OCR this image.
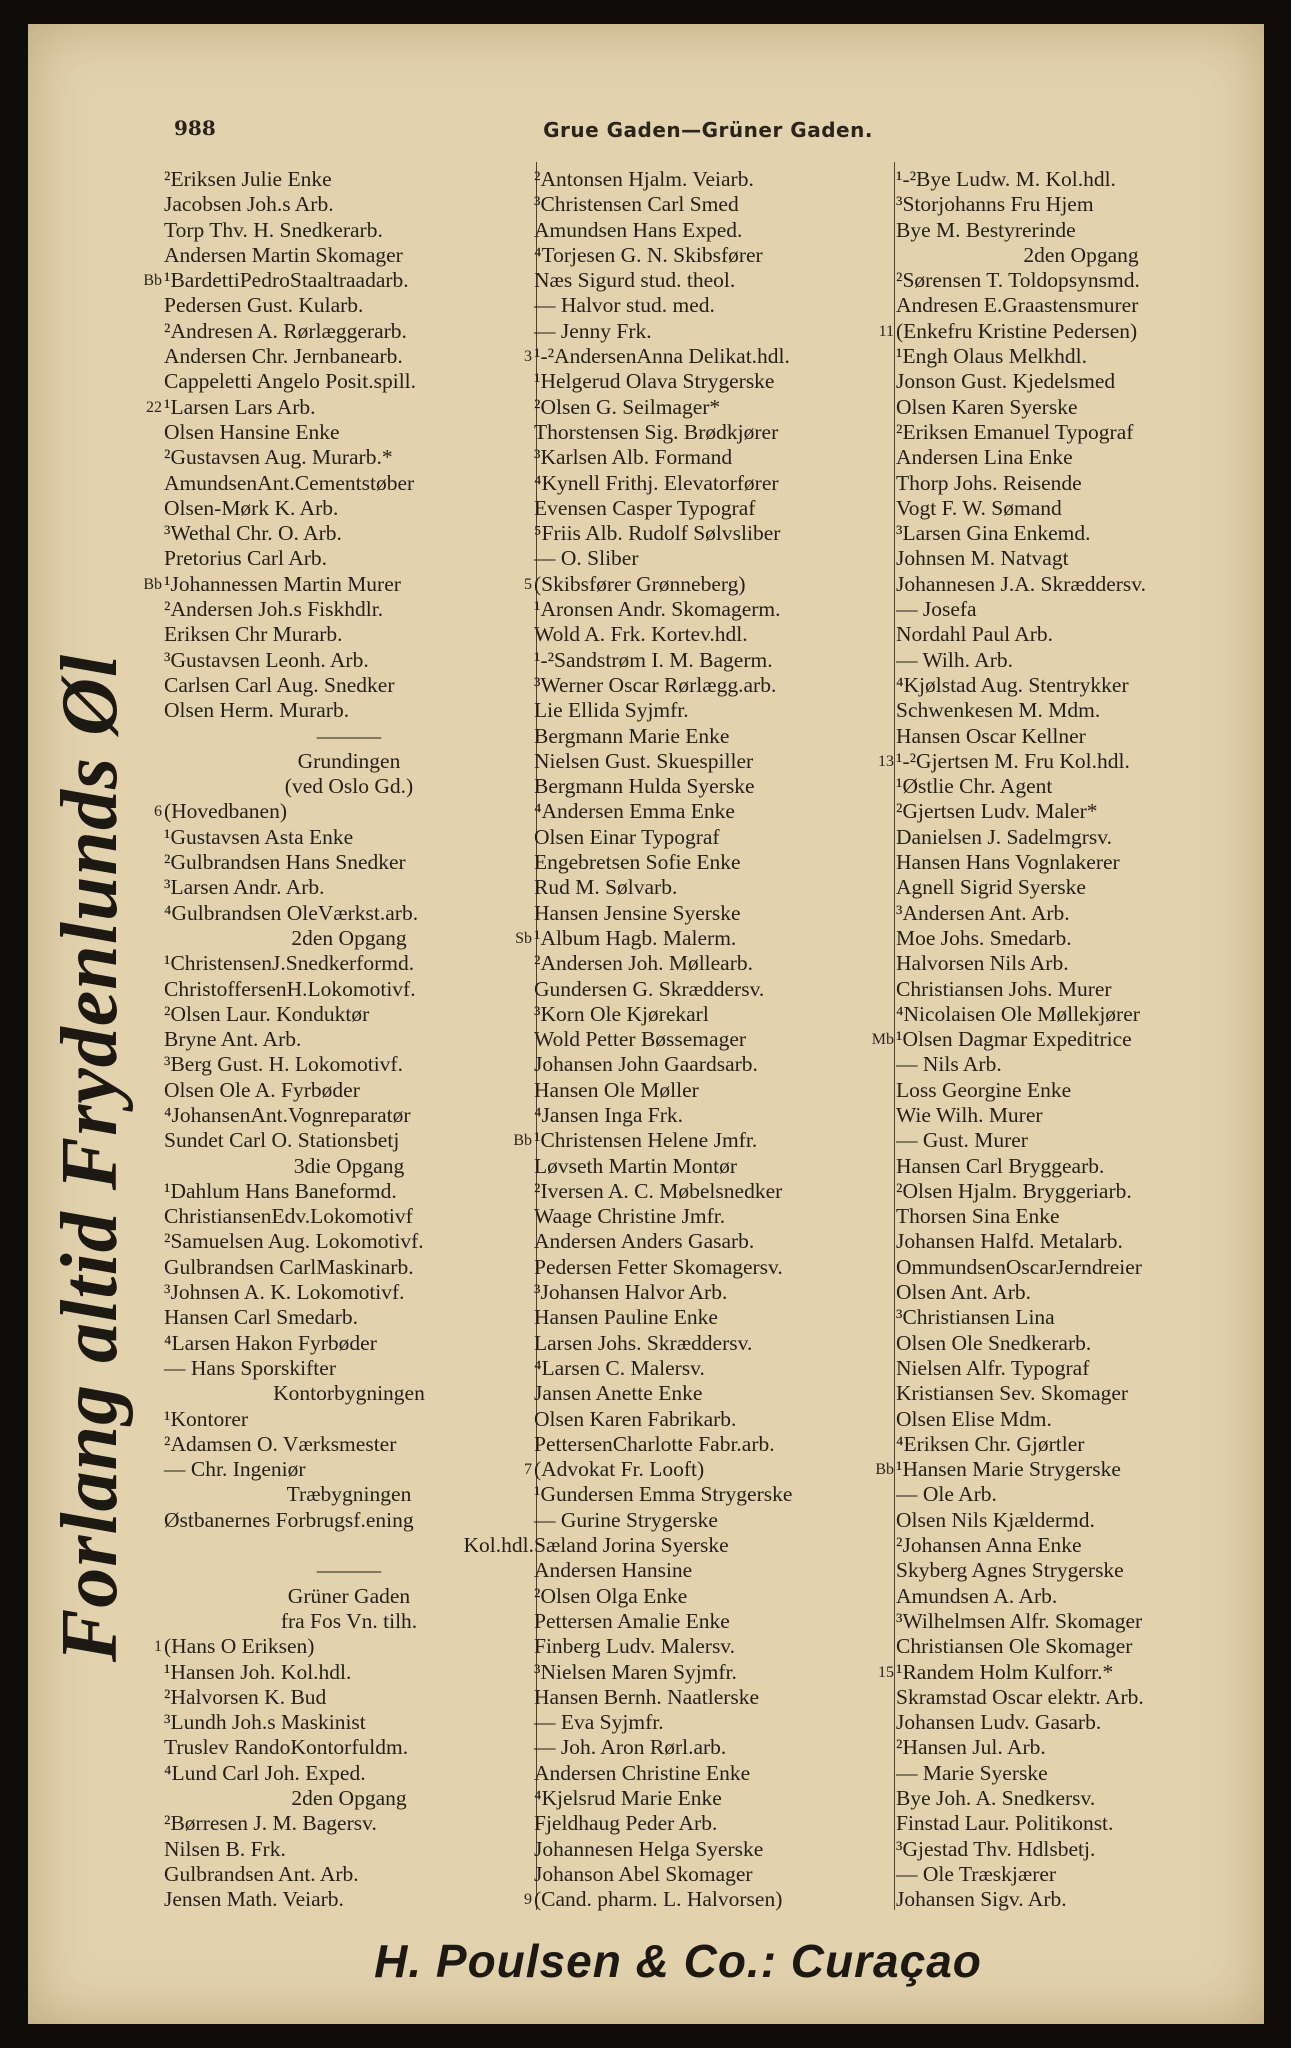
988	Grue Gaden—Grüner Gaden.
²Eriksen Julie Enke
Jacobsen Joh.s Arb.
Torp Thv. H. Snedkerarb.
Andersen Martin Skomager
Bb ¹BardettiPedroStaaltraadarb.
Pedersen Gust. Kularb.
²Andresen A. Rørlæggerarb.
Andersen Chr. Jernbanearb.
Cappeletti Angelo Posit.spill.
22 ¹Larsen Lars Arb.
Olsen Hansine Enke
²Gustavsen Aug. Murarb.*
AmundsenAnt.Cementstøber
Olsen-Mørk K. Arb.
³Wethal Chr. O. Arb.
Pretorius Carl Arb.
Bb ¹Johannessen Martin Murer
²Andersen Joh.s Fiskhdlr.
Eriksen Chr Murarb.
³Gustavsen Leonh. Arb.
Carlsen Carl Aug. Snedker
Olsen Herm. Murarb.
———
Grundingen
(ved Oslo Gd.)
6 (Hovedbanen)
¹Gustavsen Asta Enke
²Gulbrandsen Hans Snedker
³Larsen Andr. Arb.
⁴Gulbrandsen OleVærkst.arb.
2den Opgang
¹ChristensenJ.Snedkerformd.
ChristoffersenH.Lokomotivf.
²Olsen Laur. Konduktør
Bryne Ant. Arb.
³Berg Gust. H. Lokomotivf.
Olsen Ole A. Fyrbøder
⁴JohansenAnt.Vognreparatør
Sundet Carl O. Stationsbetj
3die Opgang
¹Dahlum Hans Baneformd.
ChristiansenEdv.Lokomotivf
²Samuelsen Aug. Lokomotivf.
Gulbrandsen CarlMaskinarb.
³Johnsen A. K. Lokomotivf.
Hansen Carl Smedarb.
⁴Larsen Hakon Fyrbøder
— Hans Sporskifter
Kontorbygningen
¹Kontorer
²Adamsen O. Værksmester
— Chr. Ingeniør
Træbygningen
Østbanernes Forbrugsf.ening
Kol.hdl.
———
Grüner Gaden
fra Fos Vn. tilh.
1 (Hans O Eriksen)
¹Hansen Joh. Kol.hdl.
²Halvorsen K. Bud
³Lundh Joh.s Maskinist
Truslev RandoKontorfuldm.
⁴Lund Carl Joh. Exped.
2den Opgang
²Børresen J. M. Bagersv.
Nilsen B. Frk.
Gulbrandsen Ant. Arb.
Jensen Math. Veiarb.
²Antonsen Hjalm. Veiarb.
³Christensen Carl Smed
Amundsen Hans Exped.
⁴Torjesen G. N. Skibsfører
Næs Sigurd stud. theol.
— Halvor stud. med.
— Jenny Frk.
3 ¹-²AndersenAnna Delikat.hdl.
¹Helgerud Olava Strygerske
²Olsen G. Seilmager*
Thorstensen Sig. Brødkjører
³Karlsen Alb. Formand
⁴Kynell Frithj. Elevatorfører
Evensen Casper Typograf
⁵Friis Alb. Rudolf Sølvsliber
— O. Sliber
5 (Skibsfører Grønneberg)
¹Aronsen Andr. Skomagerm.
Wold A. Frk. Kortev.hdl.
¹-²Sandstrøm I. M. Bagerm.
³Werner Oscar Rørlægg.arb.
Lie Ellida Syjmfr.
Bergmann Marie Enke
Nielsen Gust. Skuespiller
Bergmann Hulda Syerske
⁴Andersen Emma Enke
Olsen Einar Typograf
Engebretsen Sofie Enke
Rud M. Sølvarb.
Hansen Jensine Syerske
Sb ¹Album Hagb. Malerm.
²Andersen Joh. Møllearb.
Gundersen G. Skræddersv.
³Korn Ole Kjørekarl
Wold Petter Bøssemager
Johansen John Gaardsarb.
Hansen Ole Møller
⁴Jansen Inga Frk.
Bb ¹Christensen Helene Jmfr.
Løvseth Martin Montør
²Iversen A. C. Møbelsnedker
Waage Christine Jmfr.
Andersen Anders Gasarb.
Pedersen Fetter Skomagersv.
³Johansen Halvor Arb.
Hansen Pauline Enke
Larsen Johs. Skræddersv.
⁴Larsen C. Malersv.
Jansen Anette Enke
Olsen Karen Fabrikarb.
PettersenCharlotte Fabr.arb.
7 (Advokat Fr. Looft)
¹Gundersen Emma Strygerske
— Gurine Strygerske
Sæland Jorina Syerske
Andersen Hansine
²Olsen Olga Enke
Pettersen Amalie Enke
Finberg Ludv. Malersv.
³Nielsen Maren Syjmfr.
Hansen Bernh. Naatlerske
— Eva Syjmfr.
— Joh. Aron Rørl.arb.
Andersen Christine Enke
⁴Kjelsrud Marie Enke
Fjeldhaug Peder Arb.
Johannesen Helga Syerske
Johanson Abel Skomager
9 (Cand. pharm. L. Halvorsen)
¹-²Bye Ludw. M. Kol.hdl.
³Storjohanns Fru Hjem
Bye M. Bestyrerinde
2den Opgang
²Sørensen T. Toldopsynsmd.
Andresen E.Graastensmurer
11 (Enkefru Kristine Pedersen)
¹Engh Olaus Melkhdl.
Jonson Gust. Kjedelsmed
Olsen Karen Syerske
²Eriksen Emanuel Typograf
Andersen Lina Enke
Thorp Johs. Reisende
Vogt F. W. Sømand
³Larsen Gina Enkemd.
Johnsen M. Natvagt
Johannesen J.A. Skræddersv.
— Josefa
Nordahl Paul Arb.
— Wilh. Arb.
⁴Kjølstad Aug. Stentrykker
Schwenkesen M. Mdm.
Hansen Oscar Kellner
13 ¹-²Gjertsen M. Fru Kol.hdl.
¹Østlie Chr. Agent
²Gjertsen Ludv. Maler*
Danielsen J. Sadelmgrsv.
Hansen Hans Vognlakerer
Agnell Sigrid Syerske
³Andersen Ant. Arb.
Moe Johs. Smedarb.
Halvorsen Nils Arb.
Christiansen Johs. Murer
⁴Nicolaisen Ole Møllekjører
Mb ¹Olsen Dagmar Expeditrice
— Nils Arb.
Loss Georgine Enke
Wie Wilh. Murer
— Gust. Murer
Hansen Carl Bryggearb.
²Olsen Hjalm. Bryggeriarb.
Thorsen Sina Enke
Johansen Halfd. Metalarb.
OmmundsenOscarJerndreier
Olsen Ant. Arb.
³Christiansen Lina
Olsen Ole Snedkerarb.
Nielsen Alfr. Typograf
Kristiansen Sev. Skomager
Olsen Elise Mdm.
⁴Eriksen Chr. Gjørtler
Bb ¹Hansen Marie Strygerske
— Ole Arb.
Olsen Nils Kjældermd.
²Johansen Anna Enke
Skyberg Agnes Strygerske
Amundsen A. Arb.
³Wilhelmsen Alfr. Skomager
Christiansen Ole Skomager
15 ¹Randem Holm Kulforr.*
Skramstad Oscar elektr. Arb.
Johansen Ludv. Gasarb.
²Hansen Jul. Arb.
— Marie Syerske
Bye Joh. A. Snedkersv.
Finstad Laur. Politikonst.
³Gjestad Thv. Hdlsbetj.
— Ole Træskjærer
Johansen Sigv. Arb.
Forlang altid Frydenlunds Øl
H. Poulsen & Co.: Curaçao
